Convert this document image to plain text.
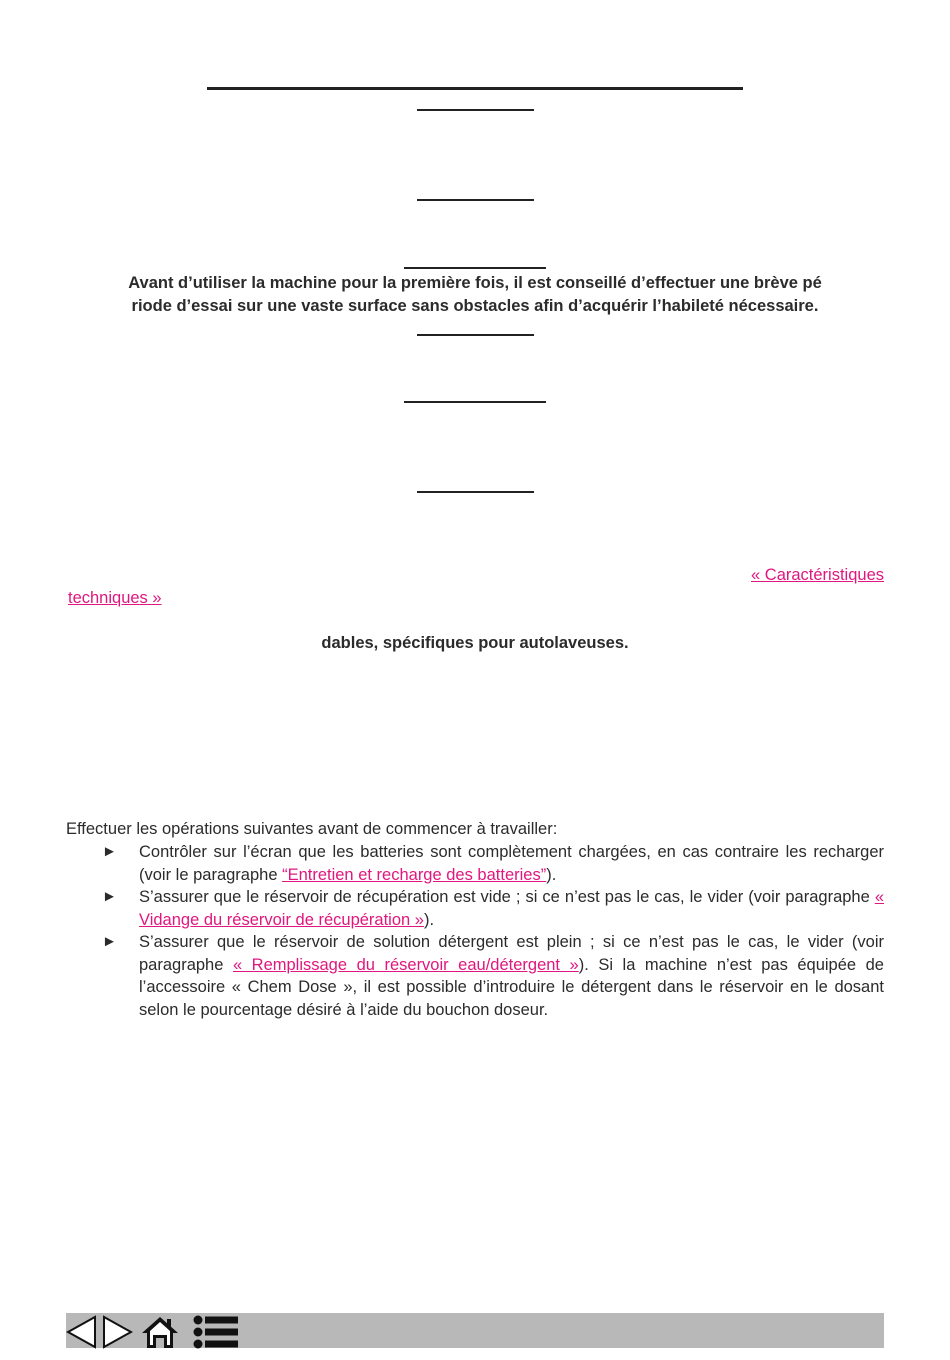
Avant d’utiliser la machine pour la première fois, il est conseillé d’effectuer une brève pé
riode d’essai sur une vaste surface sans obstacles afin d’acquérir l’habileté nécessaire.
« Caractéristiques
techniques »
dables, spécifiques pour autolaveuses.
Effectuer les opérations suivantes avant de commencer à travailler:
► Contrôler sur l’écran que les batteries sont complètement chargées, en cas contraire les recharger (voir le paragraphe “Entretien et recharge des batteries”).
► S’assurer que le réservoir de récupération est vide ; si ce n’est pas le cas, le vider (voir paragraphe « Vidange du réservoir de récupération »).
► S’assurer que le réservoir de solution détergent est plein ; si ce n’est pas le cas, le vider (voir paragraphe « Remplissage du réservoir eau/détergent »). Si la machine n’est pas équipée de l’accessoire « Chem Dose », il est possible d’introduire le détergent dans le réservoir en le dosant selon le pourcentage désiré à l’aide du bouchon doseur.
